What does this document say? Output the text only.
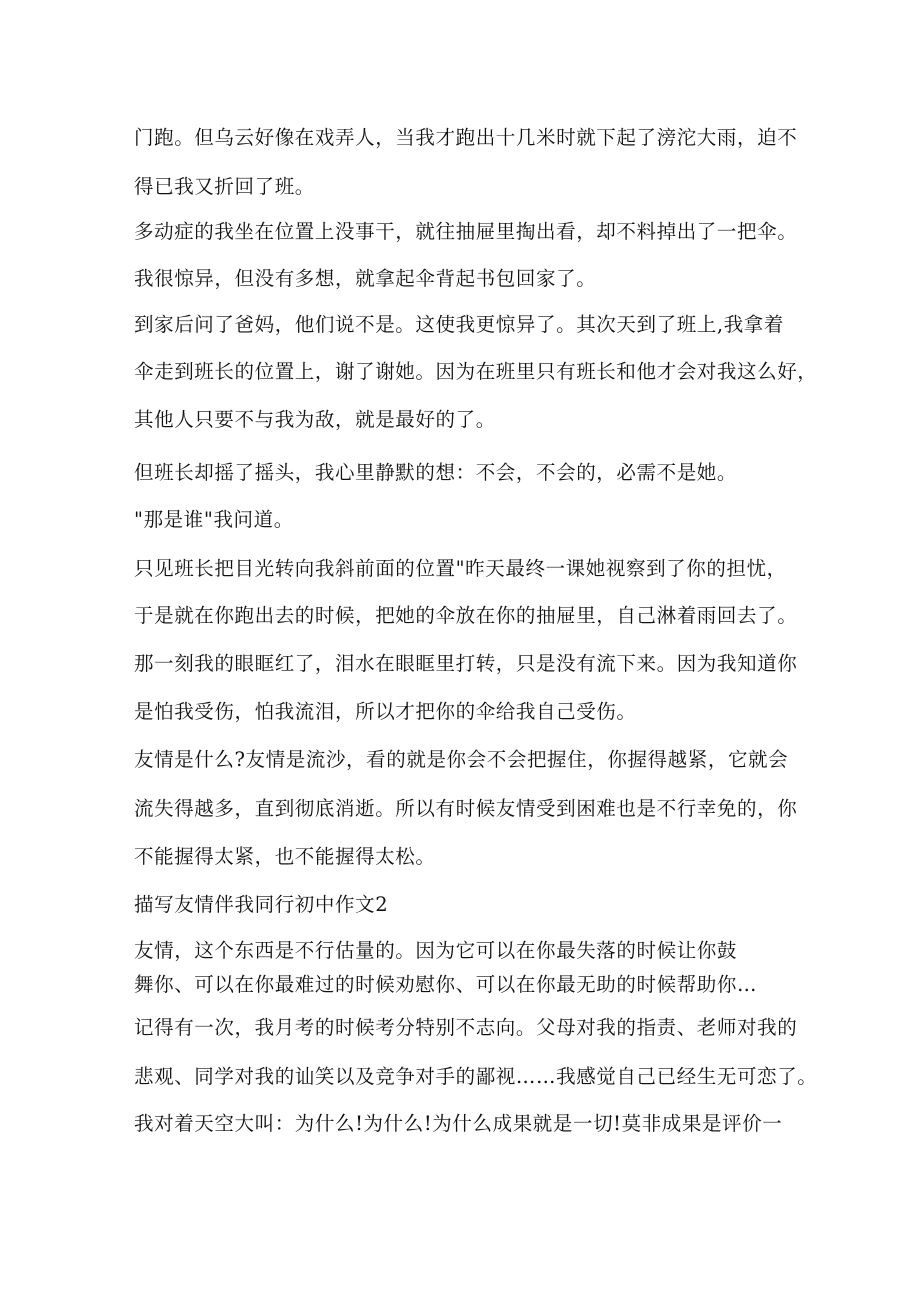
门跑。但乌云好像在戏弄人，当我才跑出十几米时就下起了滂沱大雨，迫不
得已我又折回了班。
多动症的我坐在位置上没事干，就往抽屉里掏出看，却不料掉出了一把伞。
我很惊异，但没有多想，就拿起伞背起书包回家了。
到家后问了爸妈，他们说不是。这使我更惊异了。其次天到了班上,我拿着
伞走到班长的位置上，谢了谢她。因为在班里只有班长和他才会对我这么好，
其他人只要不与我为敌，就是最好的了。
但班长却摇了摇头，我心里静默的想：不会，不会的，必需不是她。
"那是谁"我问道。
只见班长把目光转向我斜前面的位置"昨天最终一课她视察到了你的担忧，
于是就在你跑出去的时候，把她的伞放在你的抽屉里，自己淋着雨回去了。
那一刻我的眼眶红了，泪水在眼眶里打转，只是没有流下来。因为我知道你
是怕我受伤，怕我流泪，所以才把你的伞给我自己受伤。
友情是什么?友情是流沙，看的就是你会不会把握住，你握得越紧，它就会
流失得越多，直到彻底消逝。所以有时候友情受到困难也是不行幸免的，你
不能握得太紧，也不能握得太松。
描写友情伴我同行初中作文2
友情，这个东西是不行估量的。因为它可以在你最失落的时候让你鼓
舞你、可以在你最难过的时候劝慰你、可以在你最无助的时候帮助你…
记得有一次，我月考的时候考分特别不志向。父母对我的指责、老师对我的
悲观、同学对我的讪笑以及竞争对手的鄙视……我感觉自己已经生无可恋了。
我对着天空大叫：为什么!为什么!为什么成果就是一切!莫非成果是评价一
